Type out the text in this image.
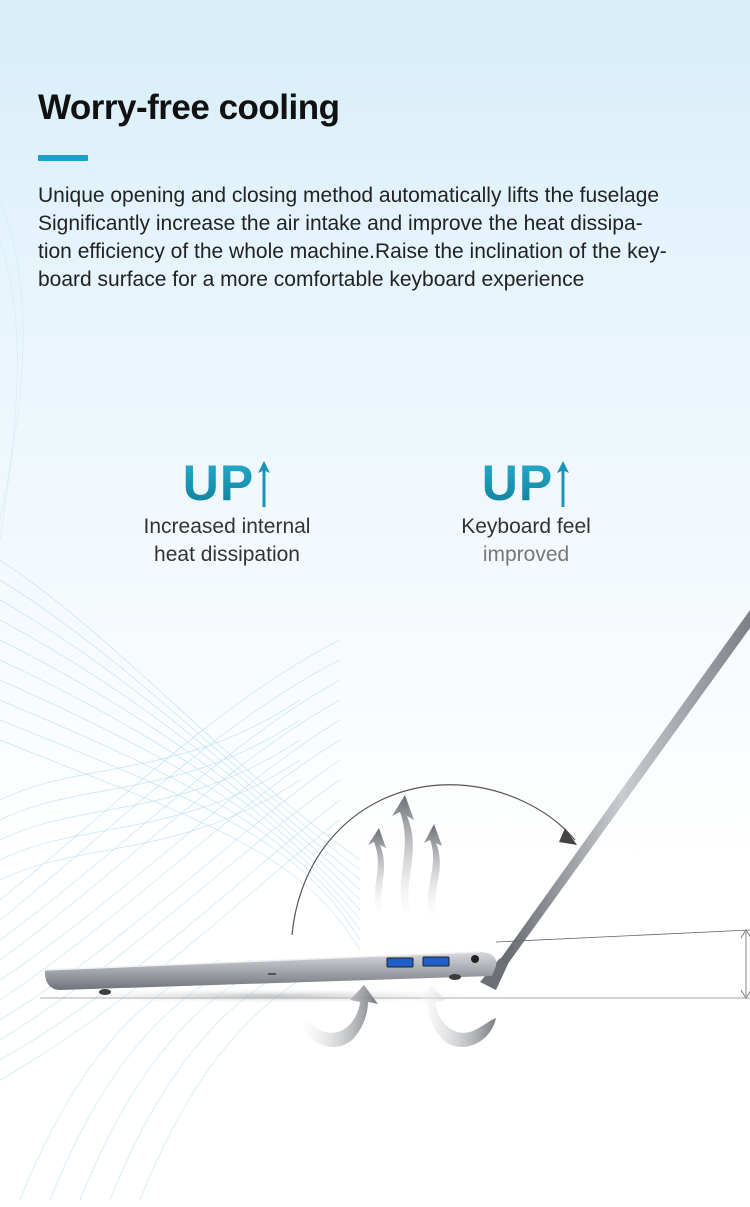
Worry-free cooling
Unique opening and closing method automatically lifts the fuselage
Significantly increase the air intake and improve the heat dissipa-
tion efficiency of the whole machine.Raise the inclination of the key-
board surface for a more comfortable keyboard experience
UP
Increased internal
heat dissipation
UP
Keyboard feel
improved
